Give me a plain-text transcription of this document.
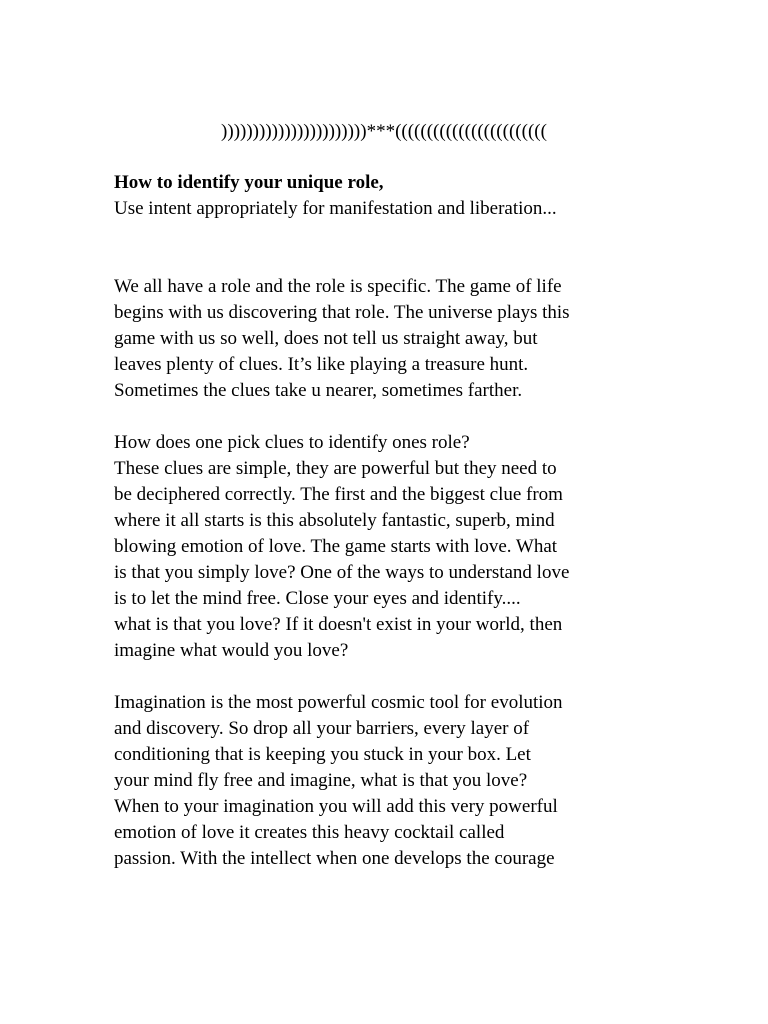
)))))))))))))))))))))))***((((((((((((((((((((((((

How to identify your unique role,

Use intent appropriately for manifestation and liberation...

We all have a role and the role is specific. The game of life
begins with us discovering that role. The universe plays this
game with us so well, does not tell us straight away, but
leaves plenty of clues. It’s like playing a treasure hunt.
Sometimes the clues take u nearer, sometimes farther.
How does one pick clues to identify ones role?
These clues are simple, they are powerful but they need to
be deciphered correctly. The first and the biggest clue from
where it all starts is this absolutely fantastic, superb, mind
blowing emotion of love. The game starts with love. What
is that you simply love? One of the ways to understand love
is to let the mind free. Close your eyes and identify....
what is that you love? If it doesn't exist in your world, then
imagine what would you love?
Imagination is the most powerful cosmic tool for evolution
and discovery. So drop all your barriers, every layer of
conditioning that is keeping you stuck in your box. Let
your mind fly free and imagine, what is that you love?
When to your imagination you will add this very powerful
emotion of love it creates this heavy cocktail called
passion. With the intellect when one develops the courage
